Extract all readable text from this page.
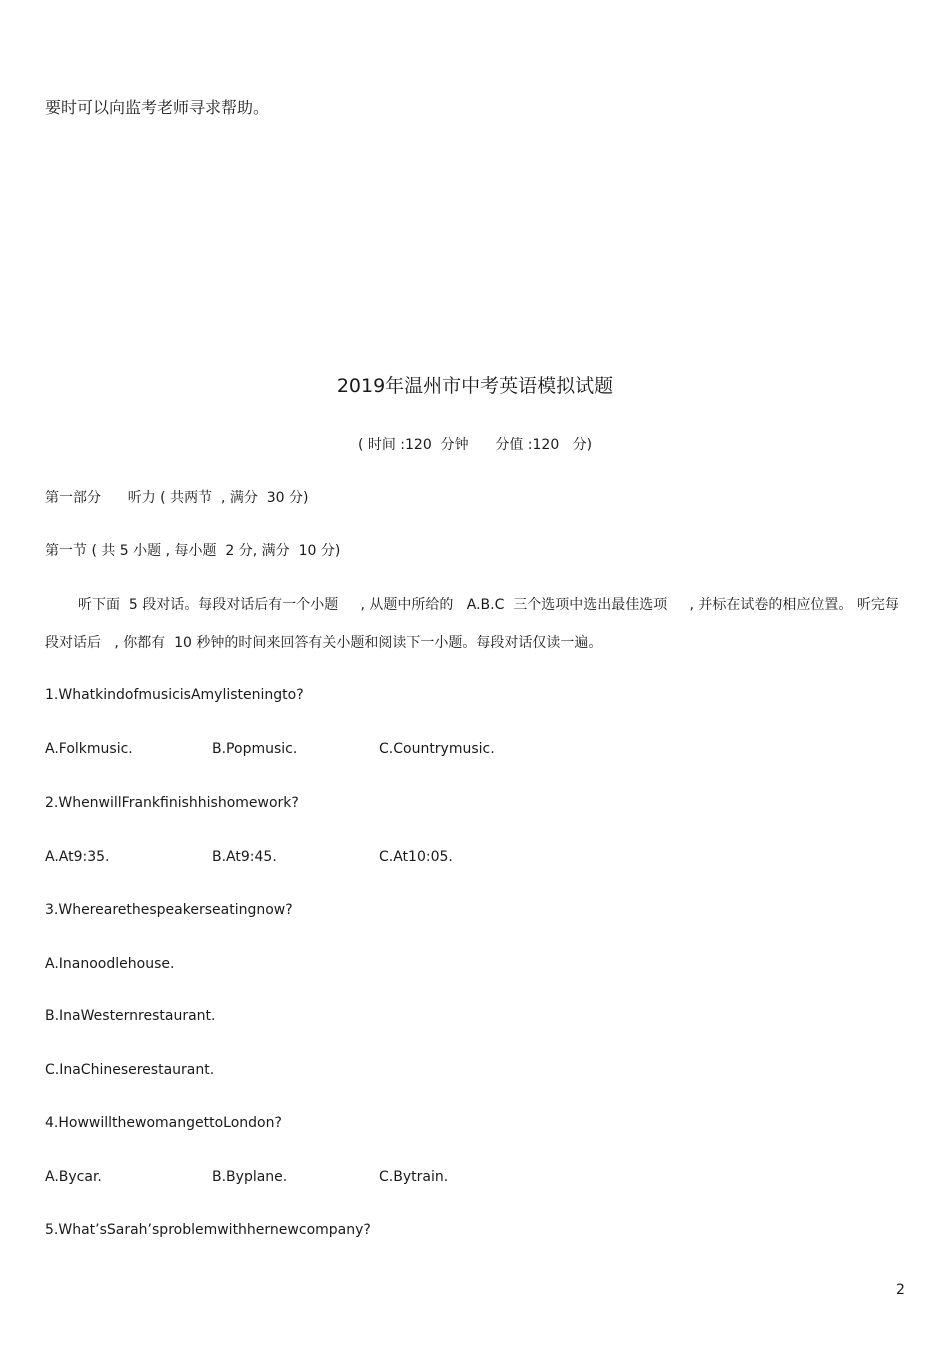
要时可以向监考老师寻求帮助。
2019年温州市中考英语模拟试题
( 时间 :120  分钟      分值 :120   分)
第一部分      听力 ( 共两节  , 满分  30 分)
第一节 ( 共 5 小题 , 每小题  2 分, 满分  10 分)
听下面  5 段对话。每段对话后有一个小题     , 从题中所给的   A.B.C  三个选项中选出最佳选项     , 并标在试卷的相应位置。 听完每段对话后   , 你都有  10 秒钟的时间来回答有关小题和阅读下一小题。每段对话仅读一遍。
1.WhatkindofmusicisAmylisteningto?
A.Folkmusic.	B.Popmusic.	C.Countrymusic.
2.WhenwillFrankfinishhishomework?
A.At9:35.	B.At9:45.	C.At10:05.
3.Wherearethespeakerseatingnow?
A.Inanoodlehouse.
B.InaWesternrestaurant.
C.InaChineserestaurant.
4.HowwillthewomangettoLondon?
A.Bycar.	B.Byplane.	C.Bytrain.
5.What’sSarah’sproblemwithhernewcompany?
2
